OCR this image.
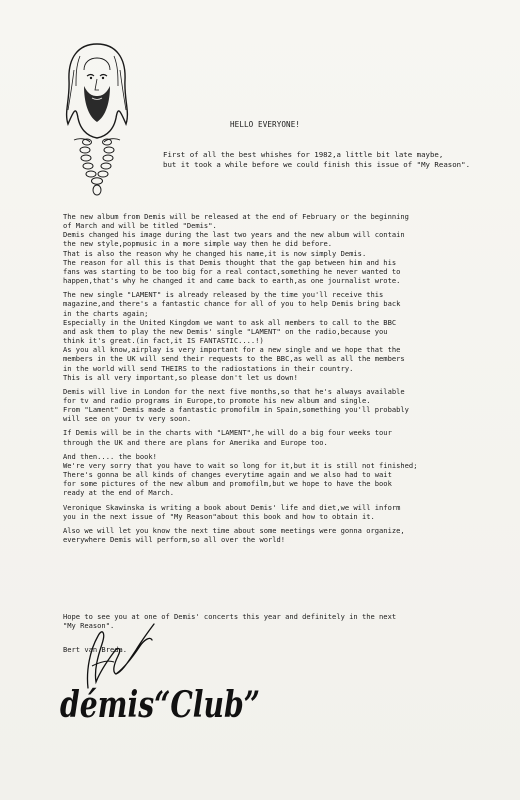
HELLO EVERYONE!
First of all the best whishes for 1982,a little bit late maybe,
but it took a while before we could finish this issue of "My Reason".
The new album from Demis will be released at the end of February or the beginning
of March and will be titled "Demis".
Demis changed his image during the last two years and the new album will contain
the new style,popmusic in a more simple way then he did before.
That is also the reason why he changed his name,it is now simply Demis.
The reason for all this is that Demis thought that the gap between him and his
fans was starting to be too big for a real contact,something he never wanted to
happen,that's why he changed it and came back to earth,as one journalist wrote.
The new single "LAMENT" is already released by the time you'll receive this
magazine,and there's a fantastic chance for all of you to help Demis bring back
in the charts again;
Especially in the United Kingdom we want to ask all members to call to the BBC
and ask them to play the new Demis' single "LAMENT" on the radio,because you
think it's great.(in fact,it IS FANTASTIC....!)
As you all know,airplay is very important for a new single and we hope that the
members in the UK will send their requests to the BBC,as well as all the members
in the world will send THEIRS to the radiostations in their country.
This is all very important,so please don't let us down!
Demis will live in London for the next five months,so that he's always available
for tv and radio programs in Europe,to promote his new album and single.
From "Lament" Demis made a fantastic promofilm in Spain,something you'll probably
will see on your tv very soon.
If Demis will be in the charts with "LAMENT",he will do a big four weeks tour
through the UK and there are plans for Amerika and Europe too.
And then.... the book!
We're very sorry that you have to wait so long for it,but it is still not finished;
There's gonna be all kinds of changes everytime again and we also had to wait
for some pictures of the new album and promofilm,but we hope to have the book
ready at the end of March.
Veronique Skawinska is writing a book about Demis' life and diet,we will inform
you in the next issue of "My Reason"about this book and how to obtain it.
Also we will let you know the next time about some meetings were gonna organize,
everywhere Demis will perform,so all over the world!
Hope to see you at one of Demis' concerts this year and definitely in the next
"My Reason".
Bert van Breda.
démis“Club”
